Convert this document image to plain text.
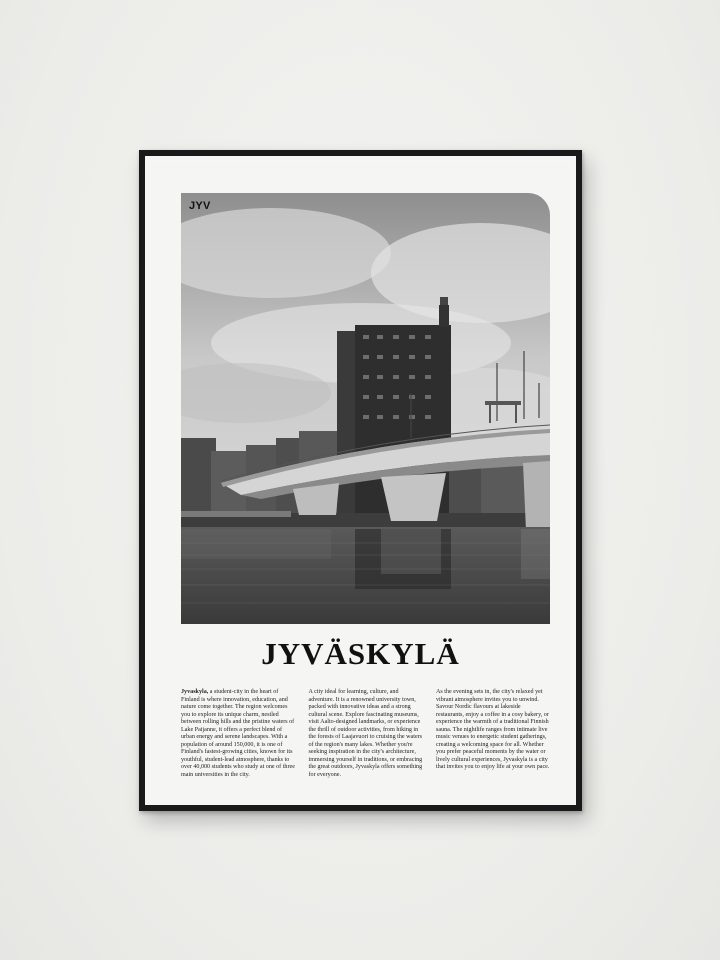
JYV
JYVÄSKYLÄ
Jyvaskyla, a student-city in the heart of Finland is where innovation, education, and nature come together. The region welcomes you to explore its unique charm, nestled between rolling hills and the pristine waters of Lake Paijanne, it offers a perfect blend of urban energy and serene landscapes. With a population of around 150,000, it is one of Finland's fastest-growing cities, known for its youthful, student-lead atmosphere, thanks to over 40,000 students who study at one of three main universities in the city.
A city ideal for learning, culture, and adventure. It is a renowned university town, packed with innovative ideas and a strong cultural scene. Explore fascinating museums, visit Aalto-designed landmarks, or experience the thrill of outdoor activities, from hiking in the forests of Laajavuori to cruising the waters of the region's many lakes. Whether you're seeking inspiration in the city's architecture, immersing yourself in traditions, or embracing the great outdoors, Jyvaskyla offers something for everyone.
As the evening sets in, the city's relaxed yet vibrant atmosphere invites you to unwind. Savour Nordic flavours at lakeside restaurants, enjoy a coffee in a cosy bakery, or experience the warmth of a traditional Finnish sauna. The nightlife ranges from intimate live music venues to energetic student gatherings, creating a welcoming space for all. Whether you prefer peaceful moments by the water or lively cultural experiences, Jyvaskyla is a city that invites you to enjoy life at your own pace.
